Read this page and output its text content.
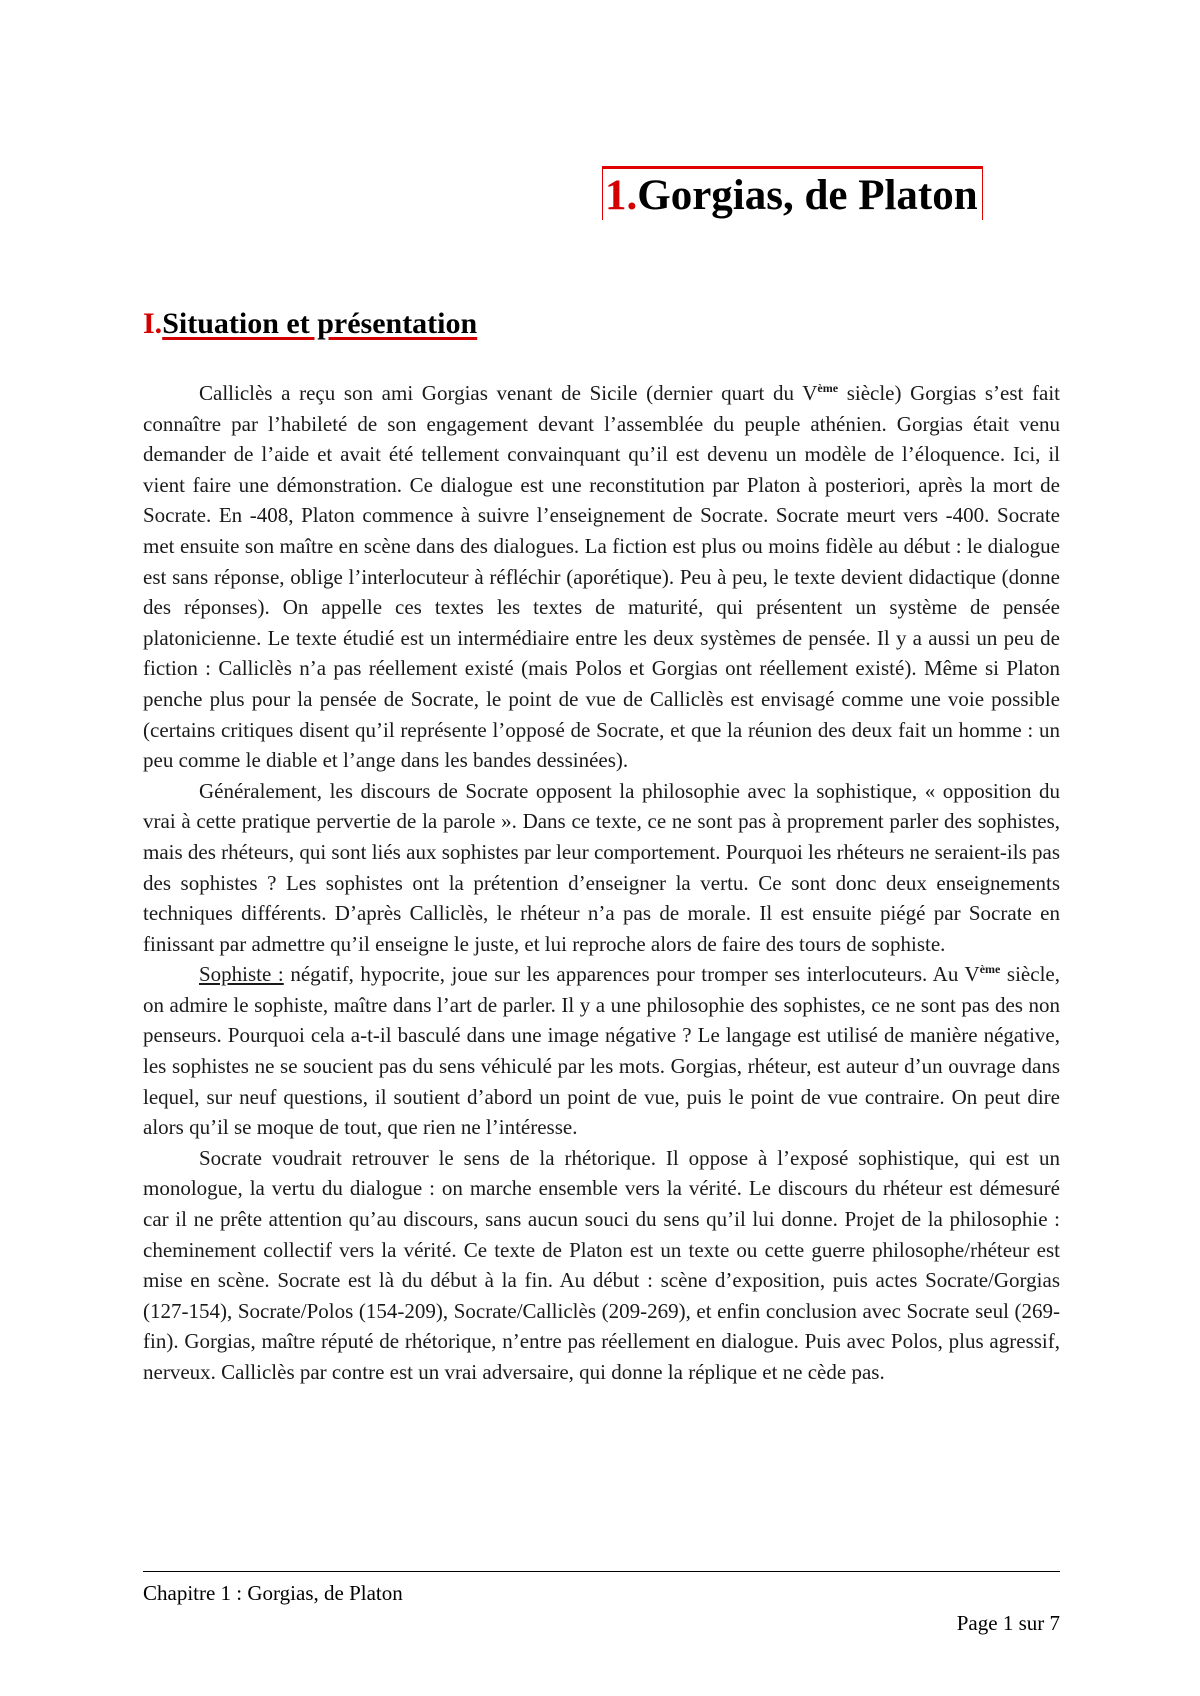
1.Gorgias, de Platon
I.Situation et présentation

Calliclès a reçu son ami Gorgias venant de Sicile (dernier quart du Vème siècle) Gorgias s’est fait connaître par l’habileté de son engagement devant l’assemblée du peuple athénien. Gorgias était venu demander de l’aide et avait été tellement convainquant qu’il est devenu un modèle de l’éloquence. Ici, il vient faire une démonstration. Ce dialogue est une reconstitution par Platon à posteriori, après la mort de Socrate. En -408, Platon commence à suivre l’enseignement de Socrate. Socrate meurt vers -400. Socrate met ensuite son maître en scène dans des dialogues. La fiction est plus ou moins fidèle au début : le dialogue est sans réponse, oblige l’interlocuteur à réfléchir (aporétique). Peu à peu, le texte devient didactique (donne des réponses). On appelle ces textes les textes de maturité, qui présentent un système de pensée platonicienne. Le texte étudié est un intermédiaire entre les deux systèmes de pensée. Il y a aussi un peu de fiction : Calliclès n’a pas réellement existé (mais Polos et Gorgias ont réellement existé). Même si Platon penche plus pour la pensée de Socrate, le point de vue de Calliclès est envisagé comme une voie possible (certains critiques disent qu’il représente l’opposé de Socrate, et que la réunion des deux fait un homme : un peu comme le diable et l’ange dans les bandes dessinées).

Généralement, les discours de Socrate opposent la philosophie avec la sophistique, « opposition du vrai à cette pratique pervertie de la parole ». Dans ce texte, ce ne sont pas à proprement parler des sophistes, mais des rhéteurs, qui sont liés aux sophistes par leur comportement. Pourquoi les rhéteurs ne seraient-ils pas des sophistes ? Les sophistes ont la prétention d’enseigner la vertu. Ce sont donc deux enseignements techniques différents. D’après Calliclès, le rhéteur n’a pas de morale. Il est ensuite piégé par Socrate en finissant par admettre qu’il enseigne le juste, et lui reproche alors de faire des tours de sophiste.

Sophiste : négatif, hypocrite, joue sur les apparences pour tromper ses interlocuteurs. Au Vème siècle, on admire le sophiste, maître dans l’art de parler. Il y a une philosophie des sophistes, ce ne sont pas des non penseurs. Pourquoi cela a-t-il basculé dans une image négative ? Le langage est utilisé de manière négative, les sophistes ne se soucient pas du sens véhiculé par les mots. Gorgias, rhéteur, est auteur d’un ouvrage dans lequel, sur neuf questions, il soutient d’abord un point de vue, puis le point de vue contraire. On peut dire alors qu’il se moque de tout, que rien ne l’intéresse.

Socrate voudrait retrouver le sens de la rhétorique. Il oppose à l’exposé sophistique, qui est un monologue, la vertu du dialogue : on marche ensemble vers la vérité. Le discours du rhéteur est démesuré car il ne prête attention qu’au discours, sans aucun souci du sens qu’il lui donne. Projet de la philosophie : cheminement collectif vers la vérité. Ce texte de Platon est un texte ou cette guerre philosophe/rhéteur est mise en scène. Socrate est là du début à la fin. Au début : scène d’exposition, puis actes Socrate/Gorgias (127-154), Socrate/Polos (154-209), Socrate/Calliclès (209-269), et enfin conclusion avec Socrate seul (269-fin). Gorgias, maître réputé de rhétorique, n’entre pas réellement en dialogue. Puis avec Polos, plus agressif, nerveux. Calliclès par contre est un vrai adversaire, qui donne la réplique et ne cède pas.

Chapitre 1 : Gorgias, de Platon
Page 1 sur 7
